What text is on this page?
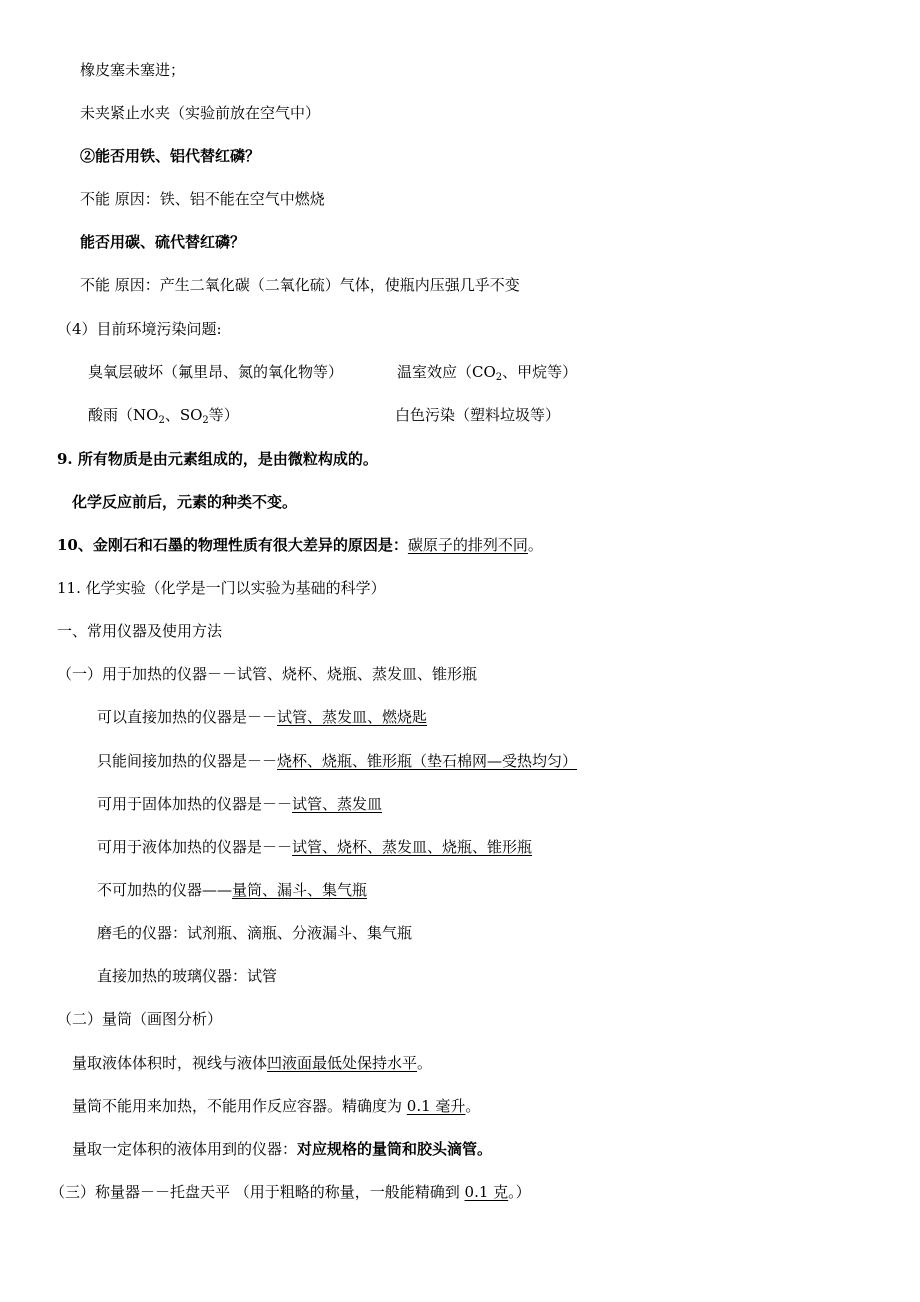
橡皮塞未塞进；
未夹紧止水夹（实验前放在空气中）
②能否用铁、铝代替红磷？
不能 原因：铁、铝不能在空气中燃烧
能否用碳、硫代替红磷？
不能 原因：产生二氧化碳（二氧化硫）气体，使瓶内压强几乎不变
（4）目前环境污染问题:
臭氧层破坏（氟里昂、氮的氧化物等）	温室效应（$CO_2$、甲烷等）
酸雨（$NO_2$、$SO_2$等）	白色污染（塑料垃圾等）
9. 所有物质是由元素组成的，是由微粒构成的。
化学反应前后，元素的种类不变。
10、金刚石和石墨的物理性质有很大差异的原因是：碳原子的排列不同。
11. 化学实验（化学是一门以实验为基础的科学）
一、常用仪器及使用方法
（一）用于加热的仪器－－试管、烧杯、烧瓶、蒸发皿、锥形瓶
可以直接加热的仪器是－－试管、蒸发皿、燃烧匙
只能间接加热的仪器是－－烧杯、烧瓶、锥形瓶（垫石棉网—受热均匀）
可用于固体加热的仪器是－－试管、蒸发皿
可用于液体加热的仪器是－－试管、烧杯、蒸发皿、烧瓶、锥形瓶
不可加热的仪器——量筒、漏斗、集气瓶
磨毛的仪器：试剂瓶、滴瓶、分液漏斗、集气瓶
直接加热的玻璃仪器：试管
（二）量筒（画图分析）
量取液体体积时，视线与液体凹液面最低处保持水平。
量筒不能用来加热，不能用作反应容器。精确度为 0.1 毫升。
量取一定体积的液体用到的仪器：对应规格的量筒和胶头滴管。
（三）称量器－－托盘天平 （用于粗略的称量，一般能精确到 0.1 克。）
